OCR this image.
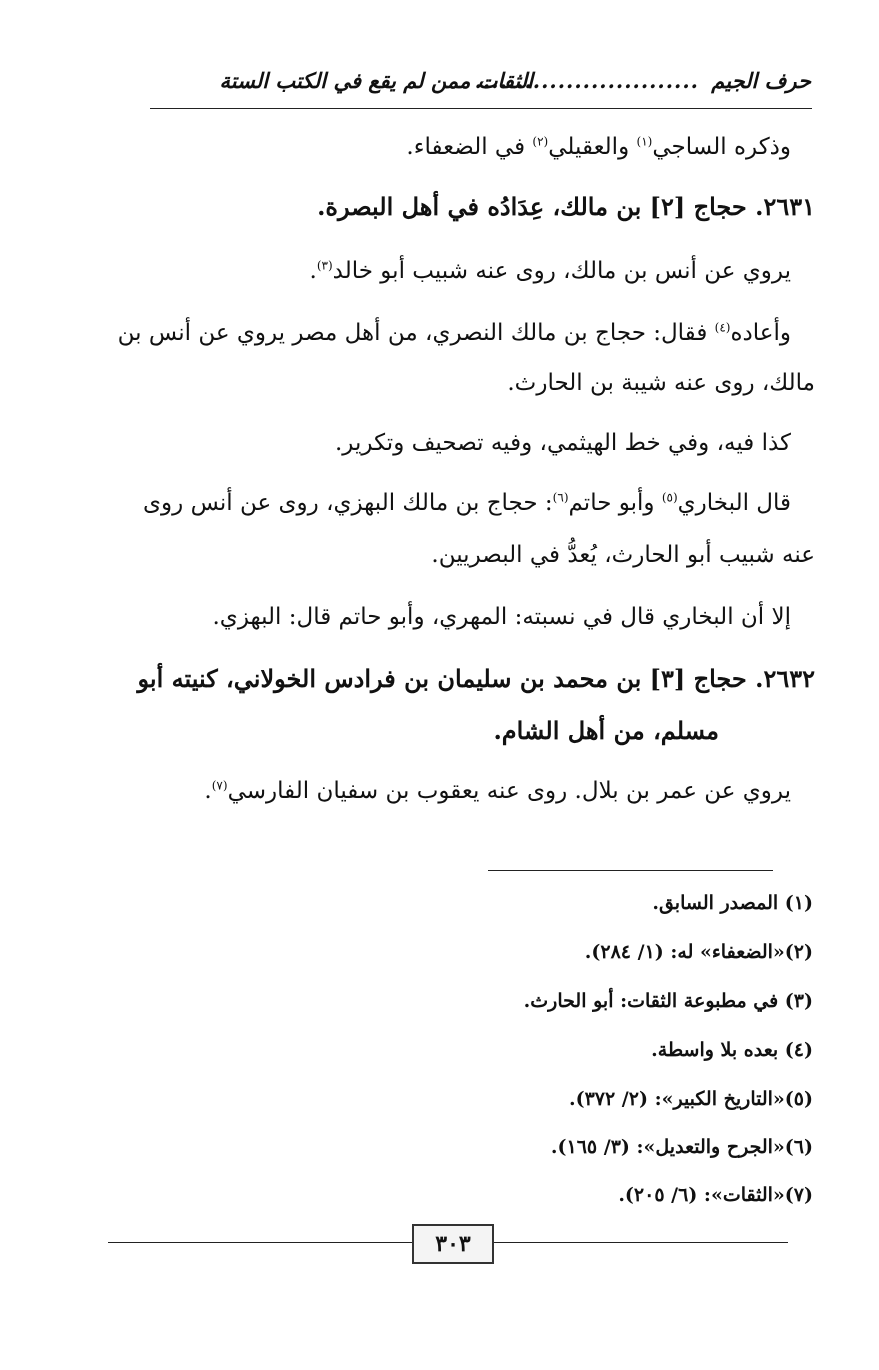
حرف الجيم
...........................
الثقات ممن لم يقع في الكتب الستة
وذكره الساجي$^{(١)}$ والعقيلي$^{(٢)}$ في الضعفاء.
٢٦٣١. حجاج [٢] بن مالك، عِدَادُه في أهل البصرة.
يروي عن أنس بن مالك، روى عنه شبيب أبو خالد$^{(٣)}$.
وأعاده$^{(٤)}$ فقال: حجاج بن مالك النصري، من أهل مصر يروي عن أنس بن
مالك، روى عنه شيبة بن الحارث.
كذا فيه، وفي خط الهيثمي، وفيه تصحيف وتكرير.
قال البخاري$^{(٥)}$ وأبو حاتم$^{(٦)}$: حجاج بن مالك البهزي، روى عن أنس روى
عنه شبيب أبو الحارث، يُعدُّ في البصريين.
إلا أن البخاري قال في نسبته: المهري، وأبو حاتم قال: البهزي.
٢٦٣٢. حجاج [٣] بن محمد بن سليمان بن فرادس الخولاني، كنيته أبو
مسلم، من أهل الشام.
يروي عن عمر بن بلال. روى عنه يعقوب بن سفيان الفارسي$^{(٧)}$.
(١) المصدر السابق.
(٢)«الضعفاء» له: (١/ ٢٨٤).
(٣) في مطبوعة الثقات: أبو الحارث.
(٤) بعده بلا واسطة.
(٥)«التاريخ الكبير»: (٢/ ٣٧٢).
(٦)«الجرح والتعديل»: (٣/ ١٦٥).
(٧)«الثقات»: (٦/ ٢٠٥).
٣٠٣
